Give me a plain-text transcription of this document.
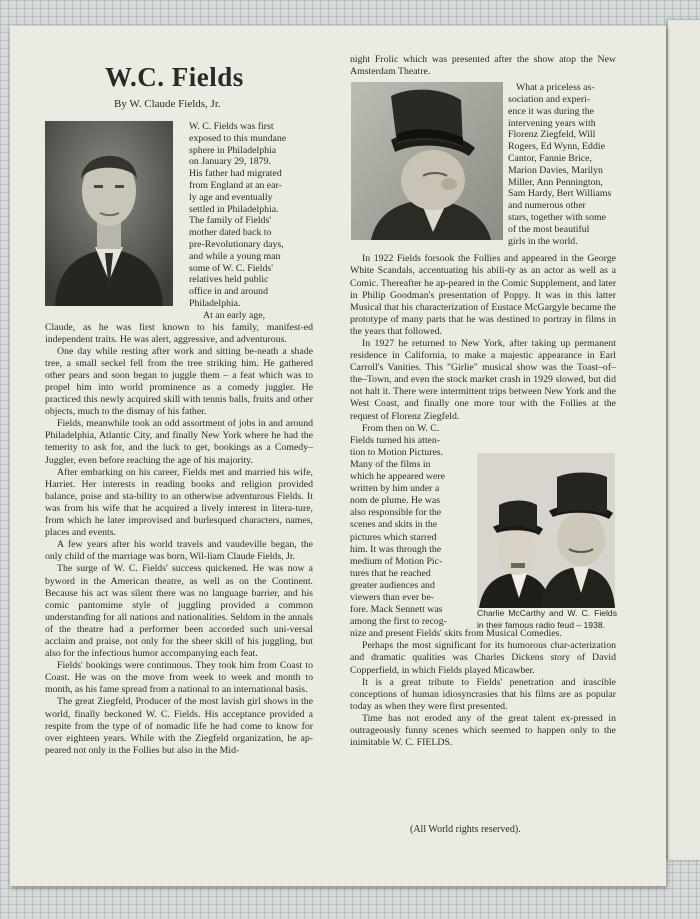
W.C. Fields
By W. Claude Fields, Jr.
Charlie McCarthy and W. C. Fields in their famous radio feud – 1938.
W. C. Fields was first
exposed to this mundane
sphere in Philadelphia
on January 29, 1879.
His father had migrated
from England at an ear-
ly age and eventually
settled in Philadelphia.
The family of Fields'
mother dated back to
pre-Revolutionary days,
and while a young man
some of W. C. Fields'
relatives held public
office in and around
Philadelphia.
At an early age,

Claude, as he was first known to his family, manifest-ed independent traits. He was alert, aggressive, and adventurous.

One day while resting after work and sitting be-neath a shade tree, a small seckel fell from the tree striking him. He gathered other pears and soon began to juggle them – a feat which was to propel him into world prominence as a comedy juggler. He practiced this newly acquired skill with tennis balls, fruits and other objects, much to the dismay of his father.

Fields, meanwhile took an odd assortment of jobs in and around Philadelphia, Atlantic City, and finally New York where he had the temerity to ask for, and the luck to get, bookings as a Comedy–Juggler, even before reaching the age of his majority.

After embarking on his career, Fields met and married his wife, Harriet. Her interests in reading books and religion provided balance, poise and sta-bility to an otherwise adventurous Fields. It was from his wife that he acquired a lively interest in litera-ture, from which he later improvised and burlesqued characters, names, places and events.

A few years after his world travels and vaudeville began, the only child of the marriage was born, Wil-liam Claude Fields, Jr.

The surge of W. C. Fields' success quickened. He was now a byword in the American theatre, as well as on the Continent. Because his act was silent there was no language barrier, and his comic pantomime style of juggling provided a common understanding for all nations and nationalities. Seldom in the annals of the theatre had a performer been accorded such uni-versal acclaim and praise, not only for the sheer skill of his juggling, but also for the infectious humor accompanying each feat.

Fields' bookings were continuous. They took him from Coast to Coast. He was on the move from week to week and month to month, as his fame spread from a national to an international basis.

The great Ziegfeld, Producer of the most lavish girl shows in the world, finally beckoned W. C. Fields. His acceptance provided a respite from the type of of nomadic life he had come to know for over eighteen years. While with the Ziegfeld organization, he ap-peared not only in the Follies but also in the Mid-

night Frolic which was presented after the show atop the New Amsterdam Theatre.

What a priceless as-
sociation and experi-
ence it was during the
intervening years with
Florenz Ziegfeld, Will
Rogers, Ed Wynn, Eddie
Cantor, Fannie Brice,
Marion Davies, Marilyn
Miller, Ann Pennington,
Sam Hardy, Bert Williams
and numerous other
stars, together with some
of the most beautiful
girls in the world.

In 1922 Fields forsook the Follies and appeared in the George White Scandals, accentuating his abili-ty as an actor as well as a Comic. Thereafter he ap-peared in the Comic Supplement, and later in Philip Goodman's presentation of Poppy. It was in this latter Musical that his characterization of Eustace McGargyle became the prototype of many parts that he was destined to portray in films in the years that followed.

In 1927 he returned to New York, after taking up permanent residence in California, to make a majestic appearance in Earl Carroll's Vanities. This "Girlie" musical show was the Toast–of–the–Town, and even the stock market crash in 1929 slowed, but did not halt it. There were intermittent trips between New York and the West Coast, and finally one more tour with the Follies at the request of Florenz Ziegfeld.

From then on W. C.
Fields turned his atten-
tion to Motion Pictures.
Many of the films in
which he appeared were
written by him under a
nom de plume. He was
also responsible for the
scenes and skits in the
pictures which starred
him. It was through the
medium of Motion Pic-
tures that he reached
greater audiences and
viewers than ever be-
fore. Mack Sennett was
among the first to recog-

nize and present Fields' skits from Musical Comedies.

Perhaps the most significant for its humorous char-acterization and dramatic qualities was Charles Dickens story of David Copperfield, in which Fields played Micawber.

It is a great tribute to Fields' penetration and irascible conceptions of human idiosyncrasies that his films are as popular today as when they were first presented.

Time has not eroded any of the great talent ex-pressed in outrageously funny scenes which seemed to happen only to the inimitable W. C. FIELDS.

(All World rights reserved).
